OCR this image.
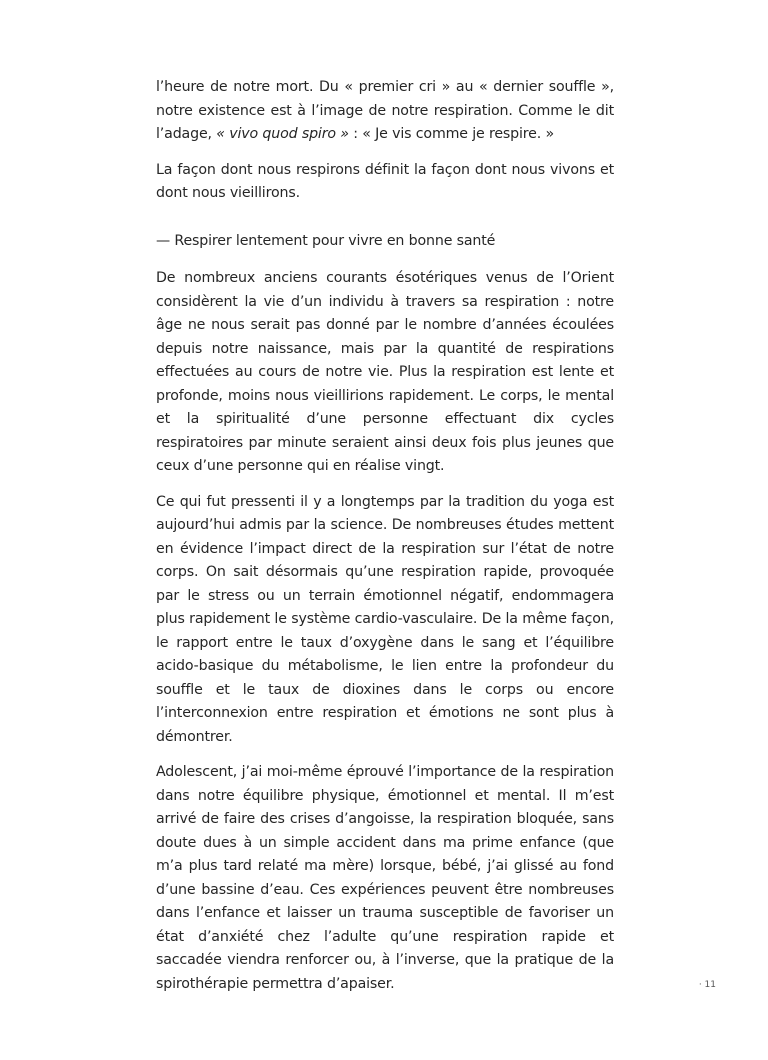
l’heure de notre mort. Du « premier cri » au « dernier souffle », notre existence est à l’image de notre respiration. Comme le dit l’adage, « vivo quod spiro » : « Je vis comme je respire. »

La façon dont nous respirons définit la façon dont nous vivons et dont nous vieillirons.

— Respirer lentement pour vivre en bonne santé

De nombreux anciens courants ésotériques venus de l’Orient considèrent la vie d’un individu à travers sa respiration : notre âge ne nous serait pas donné par le nombre d’années écoulées depuis notre naissance, mais par la quantité de respirations effectuées au cours de notre vie. Plus la respiration est lente et profonde, moins nous vieillirions rapidement. Le corps, le mental et la spiritualité d’une personne effectuant dix cycles respiratoires par minute seraient ainsi deux fois plus jeunes que ceux d’une personne qui en réalise vingt.

Ce qui fut pressenti il y a longtemps par la tradition du yoga est aujourd’hui admis par la science. De nombreuses études mettent en évidence l’impact direct de la respiration sur l’état de notre corps. On sait désormais qu’une respiration rapide, provoquée par le stress ou un terrain émotionnel négatif, endommagera plus rapidement le système cardio-vasculaire. De la même façon, le rapport entre le taux d’oxygène dans le sang et l’équilibre acido-basique du métabolisme, le lien entre la profondeur du souffle et le taux de dioxines dans le corps ou encore l’interconnexion entre respiration et émotions ne sont plus à démontrer.

Adolescent, j’ai moi-même éprouvé l’importance de la respiration dans notre équilibre physique, émotionnel et mental. Il m’est arrivé de faire des crises d’angoisse, la respiration bloquée, sans doute dues à un simple accident dans ma prime enfance (que m’a plus tard relaté ma mère) lorsque, bébé, j’ai glissé au fond d’une bassine d’eau. Ces expériences peuvent être nombreuses dans l’enfance et laisser un trauma susceptible de favoriser un état d’anxiété chez l’adulte qu’une respiration rapide et saccadée viendra renforcer ou, à l’inverse, que la pratique de la spirothérapie permettra d’apaiser.	· 11
